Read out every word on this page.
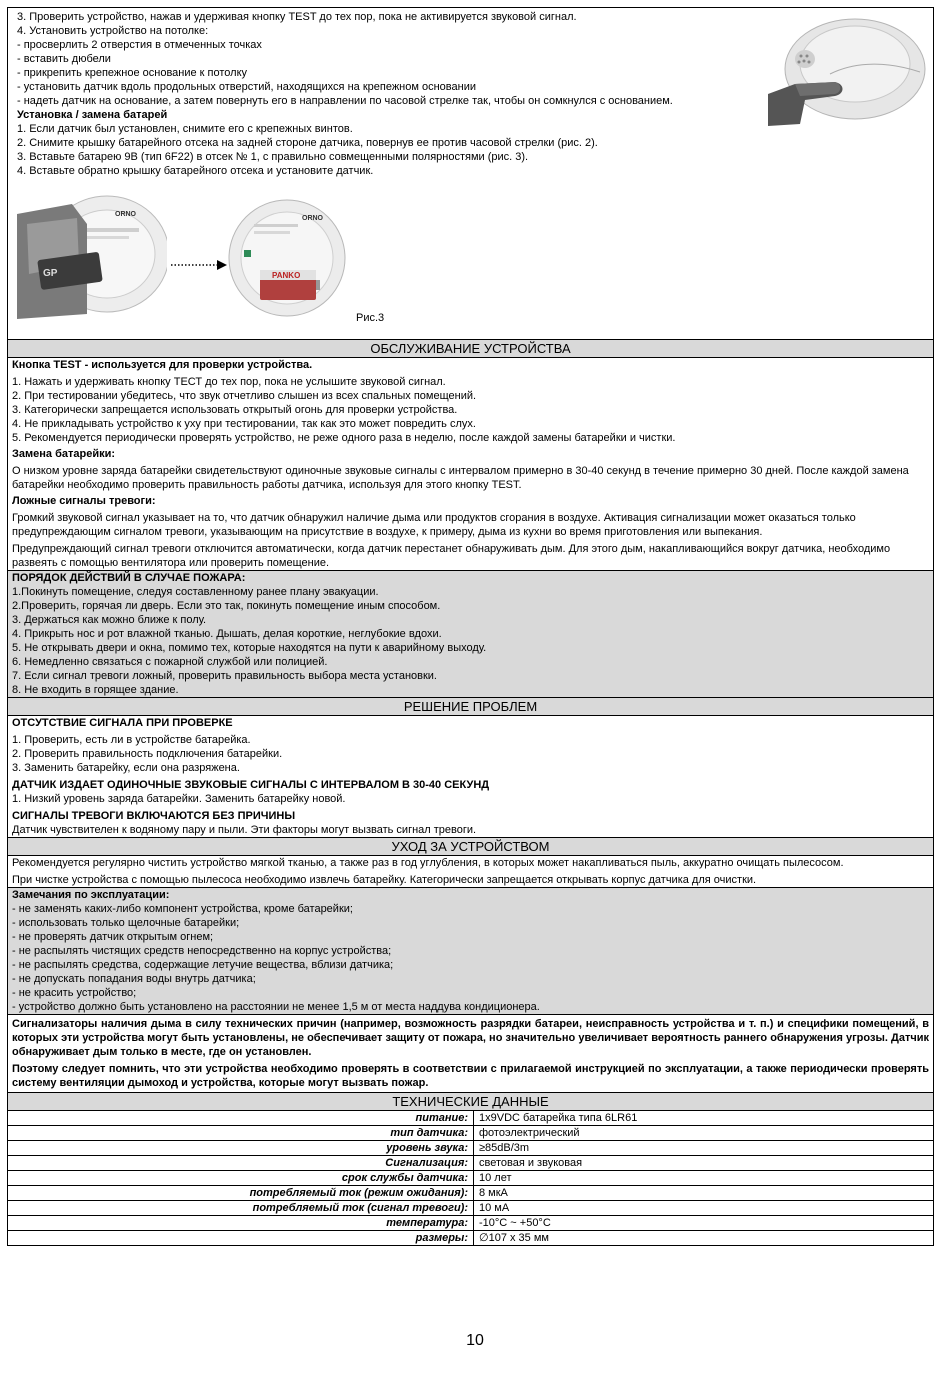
3. Проверить устройство, нажав и удерживая кнопку TEST до тех пор, пока не активируется звуковой сигнал.
4. Установить устройство на потолке:
- просверлить 2 отверстия в отмеченных точках
- вставить дюбели
- прикрепить крепежное основание к потолку
- установить датчик вдоль продольных отверстий, находящихся на крепежном основании
- надеть датчик на основание, а затем повернуть его в направлении по часовой стрелке так, чтобы он сомкнулся с основанием.
Установка / замена батарей
1. Если датчик был установлен, снимите его с крепежных винтов.
2. Снимите крышку батарейного отсека на задней стороне датчика, повернув ее против часовой стрелки (рис. 2).
3. Вставьте батарею 9В (тип 6F22) в отсек № 1, с правильно совмещенными полярностями (рис. 3).
4. Вставьте обратно крышку батарейного отсека и установите датчик.
ORNO
GP
ORNO
PANKO
Рис.3
ОБСЛУЖИВАНИЕ УСТРОЙСТВА
Кнопка TEST - используется для проверки устройства.
1. Нажать и удерживать кнопку ТЕСТ до тех пор, пока не услышите звуковой сигнал.
2. При тестировании убедитесь, что звук отчетливо слышен из всех спальных помещений.
3. Категорически запрещается использовать открытый огонь для проверки устройства.
4. Не прикладывать устройство к уху при тестировании, так как это может повредить слух.
5. Рекомендуется периодически проверять устройство, не реже одного раза в неделю, после каждой замены батарейки и чистки.
Замена батарейки:
О низком уровне заряда батарейки свидетельствуют одиночные звуковые сигналы с интервалом примерно в 30-40 секунд в течение примерно 30 дней. После каждой замена батарейки необходимо проверить правильность работы датчика, используя для этого кнопку TEST.
Ложные сигналы тревоги:
Громкий звуковой сигнал указывает на то, что датчик обнаружил наличие дыма или продуктов сгорания в воздухе. Активация сигнализации может оказаться только предупреждающим сигналом тревоги, указывающим на присутствие в воздухе, к примеру, дыма из кухни во время приготовления или выпекания.
Предупреждающий сигнал тревоги отключится автоматически, когда датчик перестанет обнаруживать дым. Для этого дым, накапливающийся вокруг датчика, необходимо развеять с помощью вентилятора или проверить помещение.
ПОРЯДОК ДЕЙСТВИЙ В СЛУЧАЕ ПОЖАРА:
1.Покинуть помещение, следуя составленному ранее плану эвакуации.
2.Проверить, горячая ли дверь. Если это так, покинуть помещение иным способом.
3. Держаться как можно ближе к полу.
4. Прикрыть нос и рот влажной тканью. Дышать, делая короткие, неглубокие вдохи.
5. Не открывать двери и окна, помимо тех, которые находятся на пути к аварийному выходу.
6. Немедленно связаться с пожарной службой или полицией.
7. Если сигнал тревоги ложный, проверить правильность выбора места установки.
8. Не входить в горящее здание.
РЕШЕНИЕ ПРОБЛЕМ
ОТСУТСТВИЕ СИГНАЛА ПРИ ПРОВЕРКЕ
1. Проверить, есть ли в устройстве батарейка.
2. Проверить правильность подключения батарейки.
3. Заменить батарейку, если она разряжена.
ДАТЧИК ИЗДАЕТ ОДИНОЧНЫЕ ЗВУКОВЫЕ СИГНАЛЫ С ИНТЕРВАЛОМ В 30-40 СЕКУНД
1. Низкий уровень заряда батарейки. Заменить батарейку новой.
СИГНАЛЫ ТРЕВОГИ ВКЛЮЧАЮТСЯ БЕЗ ПРИЧИНЫ
Датчик чувствителен к водяному пару и пыли. Эти факторы могут вызвать сигнал тревоги.
УХОД ЗА УСТРОЙСТВОМ
Рекомендуется регулярно чистить устройство мягкой тканью, а также раз в год углубления, в которых может накапливаться пыль, аккуратно очищать пылесосом.
При чистке устройства с помощью пылесоса необходимо извлечь батарейку. Категорически запрещается открывать корпус датчика для очистки.
Замечания по эксплуатации:
- не заменять каких-либо компонент устройства, кроме батарейки;
- использовать только щелочные батарейки;
- не проверять датчик открытым огнем;
- не распылять чистящих средств непосредственно на корпус устройства;
- не распылять средства, содержащие летучие вещества, вблизи датчика;
- не допускать попадания воды внутрь датчика;
- не красить устройство;
- устройство должно быть установлено на расстоянии не менее 1,5 м от места наддува кондиционера.
Сигнализаторы наличия дыма в силу технических причин (например, возможность разрядки батареи, неисправность устройства и т. п.) и специфики помещений, в которых эти устройства могут быть установлены, не обеспечивает защиту от пожара, но значительно увеличивает вероятность раннего обнаружения угрозы. Датчик обнаруживает дым только в месте, где он установлен.
Поэтому следует помнить, что эти устройства необходимо проверять в соответствии с прилагаемой инструкцией по эксплуатации, а также периодически проверять систему вентиляции дымоход и устройства, которые могут вызвать пожар.
ТЕХНИЧЕСКИЕ ДАННЫЕ
питание:	1x9VDC батарейка типа 6LR61
тип датчика:	фотоэлектрический
уровень звука:	≥85dB/3m
Сигнализация:	световая и звуковая
срок службы датчика:	10 лет
потребляемый ток (режим ожидания):	8 мкА
потребляемый ток (сигнал тревоги):	10 мА
температура:	-10°C ~ +50°C
размеры:	∅107 x 35 мм
10
